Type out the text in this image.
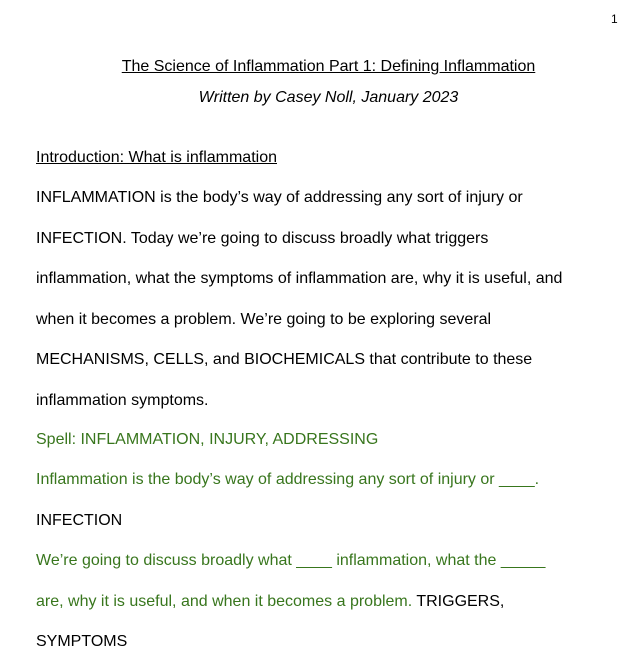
1
The Science of Inflammation Part 1: Defining Inflammation
Written by Casey Noll, January 2023
Introduction: What is inflammation
INFLAMMATION is the body’s way of addressing any sort of injury or
INFECTION. Today we’re going to discuss broadly what triggers
inflammation, what the symptoms of inflammation are, why it is useful, and
when it becomes a problem. We’re going to be exploring several
MECHANISMS, CELLS, and BIOCHEMICALS that contribute to these
inflammation symptoms.
Spell: INFLAMMATION, INJURY, ADDRESSING
Inflammation is the body’s way of addressing any sort of injury or ____.
INFECTION
We’re going to discuss broadly what ____ inflammation, what the _____
are, why it is useful, and when it becomes a problem. TRIGGERS,
SYMPTOMS
